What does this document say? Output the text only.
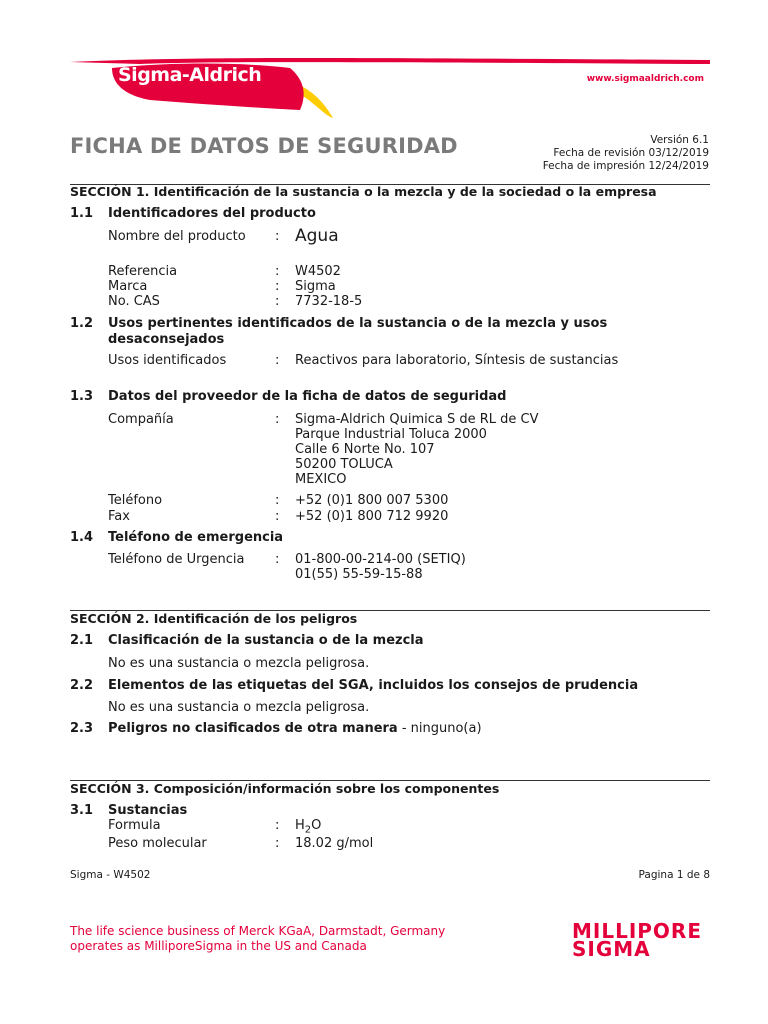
Sigma-Aldrich	www.sigmaaldrich.com
FICHA DE DATOS DE SEGURIDAD	Versión 6.1
Fecha de revisión 03/12/2019
Fecha de impresión 12/24/2019
SECCIÓN 1. Identificación de la sustancia o la mezcla y de la sociedad o la empresa
1.1 Identificadores del producto
Nombre del producto : Agua
Referencia	: W4502
Marca	: Sigma
No. CAS	: 7732-18-5
1.2 Usos pertinentes identificados de la sustancia o de la mezcla y usos desaconsejados
Usos identificados	: Reactivos para laboratorio, Síntesis de sustancias
1.3 Datos del proveedor de la ficha de datos de seguridad
Compañía	: Sigma-Aldrich Quimica S de RL de CV
Parque Industrial Toluca 2000
Calle 6 Norte No. 107
50200 TOLUCA
MEXICO
Teléfono	: +52 (0)1 800 007 5300
Fax	: +52 (0)1 800 712 9920
1.4 Teléfono de emergencia
Teléfono de Urgencia : 01-800-00-214-00 (SETIQ)
01(55) 55-59-15-88
SECCIÓN 2. Identificación de los peligros
2.1 Clasificación de la sustancia o de la mezcla
No es una sustancia o mezcla peligrosa.
2.2 Elementos de las etiquetas del SGA, incluidos los consejos de prudencia
No es una sustancia o mezcla peligrosa.
2.3 Peligros no clasificados de otra manera - ninguno(a)
SECCIÓN 3. Composición/información sobre los componentes
3.1 Sustancias
Formula	: $H_2O$
Peso molecular	: 18.02 g/mol
Sigma - W4502	Pagina 1 de 8
The life science business of Merck KGaA, Darmstadt, Germany
operates as MilliporeSigma in the US and Canada
MILLIPORE
SIGMA
